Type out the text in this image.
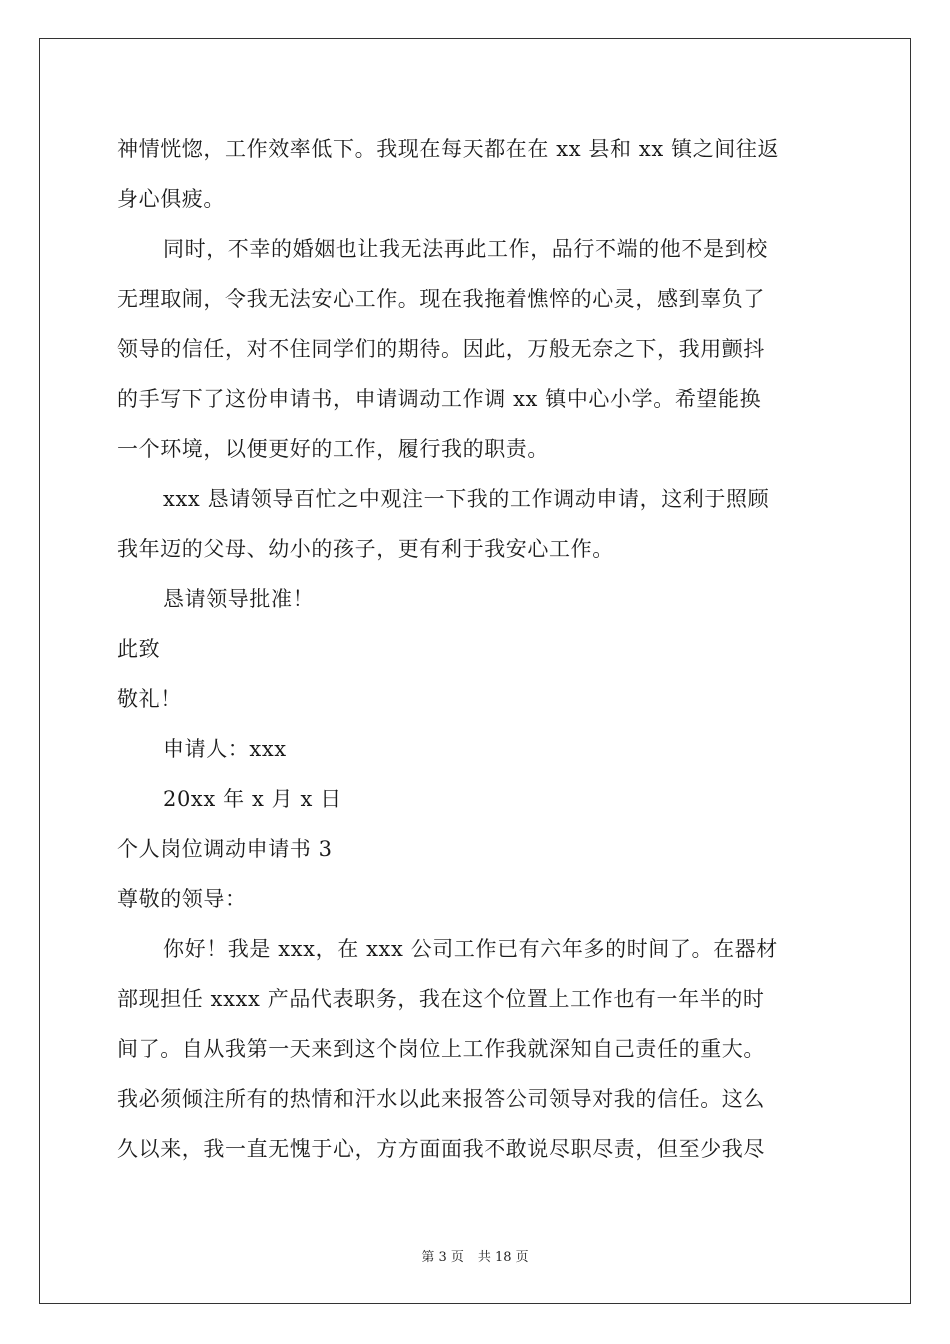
神情恍惚，工作效率低下。我现在每天都在在 xx 县和 xx 镇之间往返
身心俱疲。
同时，不幸的婚姻也让我无法再此工作，品行不端的他不是到校
无理取闹，令我无法安心工作。现在我拖着憔悴的心灵，感到辜负了
领导的信任，对不住同学们的期待。因此，万般无奈之下，我用颤抖
的手写下了这份申请书，申请调动工作调 xx 镇中心小学。希望能换
一个环境，以便更好的工作，履行我的职责。
xxx 恳请领导百忙之中观注一下我的工作调动申请，这利于照顾
我年迈的父母、幼小的孩子，更有利于我安心工作。
恳请领导批准！
此致
敬礼！
申请人：xxx
20xx 年 x 月 x 日
个人岗位调动申请书 3
尊敬的领导：
你好！我是 xxx，在 xxx 公司工作已有六年多的时间了。在器材
部现担任 xxxx 产品代表职务，我在这个位置上工作也有一年半的时
间了。自从我第一天来到这个岗位上工作我就深知自己责任的重大。
我必须倾注所有的热情和汗水以此来报答公司领导对我的信任。这么
久以来，我一直无愧于心，方方面面我不敢说尽职尽责，但至少我尽
第 3 页 共 18 页
